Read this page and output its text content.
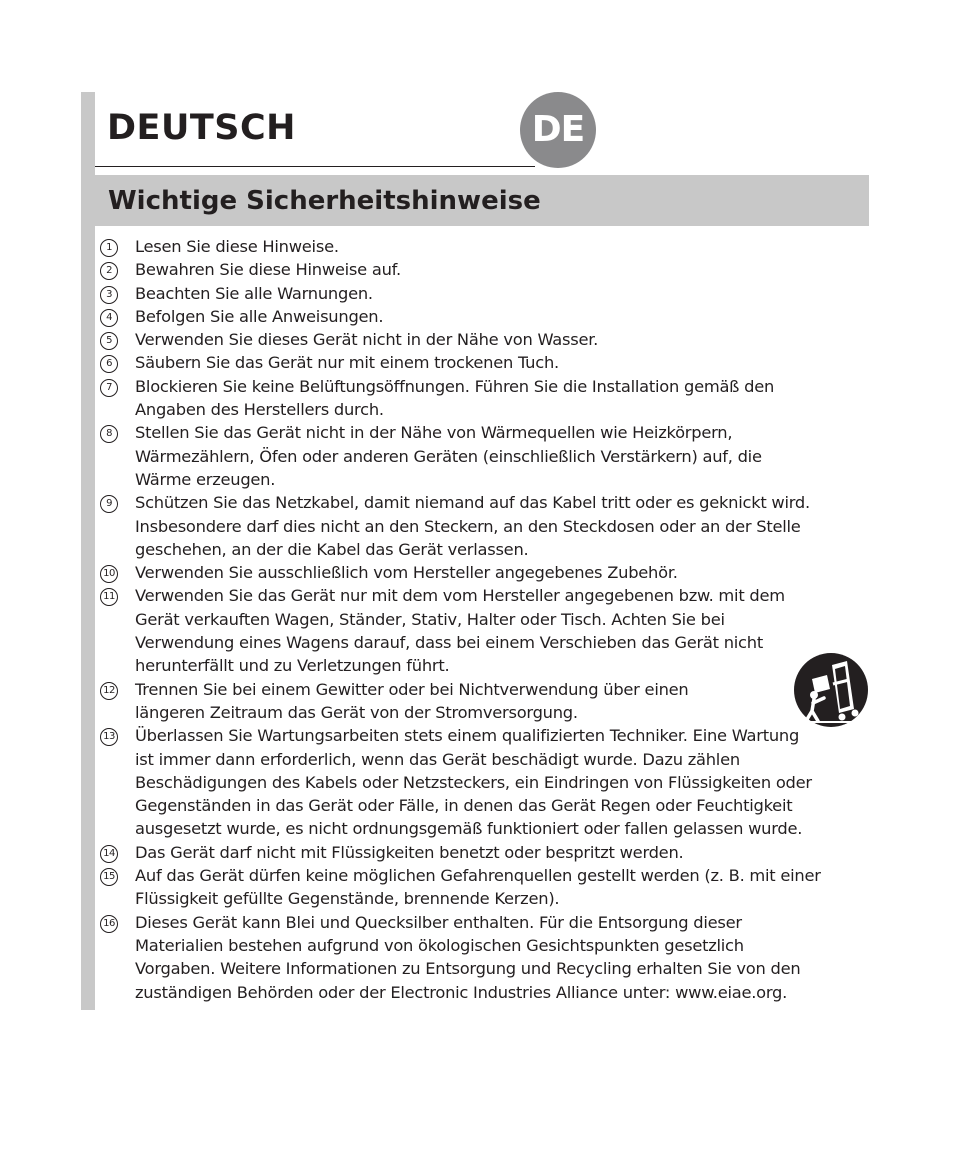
DEUTSCH	DE
Wichtige Sicherheitshinweise
1	Lesen Sie diese Hinweise.
2	Bewahren Sie diese Hinweise auf.
3	Beachten Sie alle Warnungen.
4	Befolgen Sie alle Anweisungen.
5	Verwenden Sie dieses Gerät nicht in der Nähe von Wasser.
6	Säubern Sie das Gerät nur mit einem trockenen Tuch.
7	Blockieren Sie keine Belüftungsöffnungen. Führen Sie die Installation gemäß den
Angaben des Herstellers durch.
8	Stellen Sie das Gerät nicht in der Nähe von Wärmequellen wie Heizkörpern,
Wärmezählern, Öfen oder anderen Geräten (einschließlich Verstärkern) auf, die
Wärme erzeugen.
9	Schützen Sie das Netzkabel, damit niemand auf das Kabel tritt oder es geknickt wird.
Insbesondere darf dies nicht an den Steckern, an den Steckdosen oder an der Stelle
geschehen, an der die Kabel das Gerät verlassen.
10 Verwenden Sie ausschließlich vom Hersteller angegebenes Zubehör.
11 Verwenden Sie das Gerät nur mit dem vom Hersteller angegebenen bzw. mit dem
Gerät verkauften Wagen, Ständer, Stativ, Halter oder Tisch. Achten Sie bei
Verwendung eines Wagens darauf, dass bei einem Verschieben das Gerät nicht
herunterfällt und zu Verletzungen führt.
12 Trennen Sie bei einem Gewitter oder bei Nichtverwendung über einen
längeren Zeitraum das Gerät von der Stromversorgung.
13 Überlassen Sie Wartungsarbeiten stets einem qualifizierten Techniker. Eine Wartung
ist immer dann erforderlich, wenn das Gerät beschädigt wurde. Dazu zählen
Beschädigungen des Kabels oder Netzsteckers, ein Eindringen von Flüssigkeiten oder
Gegenständen in das Gerät oder Fälle, in denen das Gerät Regen oder Feuchtigkeit
ausgesetzt wurde, es nicht ordnungsgemäß funktioniert oder fallen gelassen wurde.
14 Das Gerät darf nicht mit Flüssigkeiten benetzt oder bespritzt werden.
15 Auf das Gerät dürfen keine möglichen Gefahrenquellen gestellt werden (z. B. mit einer
Flüssigkeit gefüllte Gegenstände, brennende Kerzen).
16 Dieses Gerät kann Blei und Quecksilber enthalten. Für die Entsorgung dieser
Materialien bestehen aufgrund von ökologischen Gesichtspunkten gesetzlich
Vorgaben. Weitere Informationen zu Entsorgung und Recycling erhalten Sie von den
zuständigen Behörden oder der Electronic Industries Alliance unter: www.eiae.org.
